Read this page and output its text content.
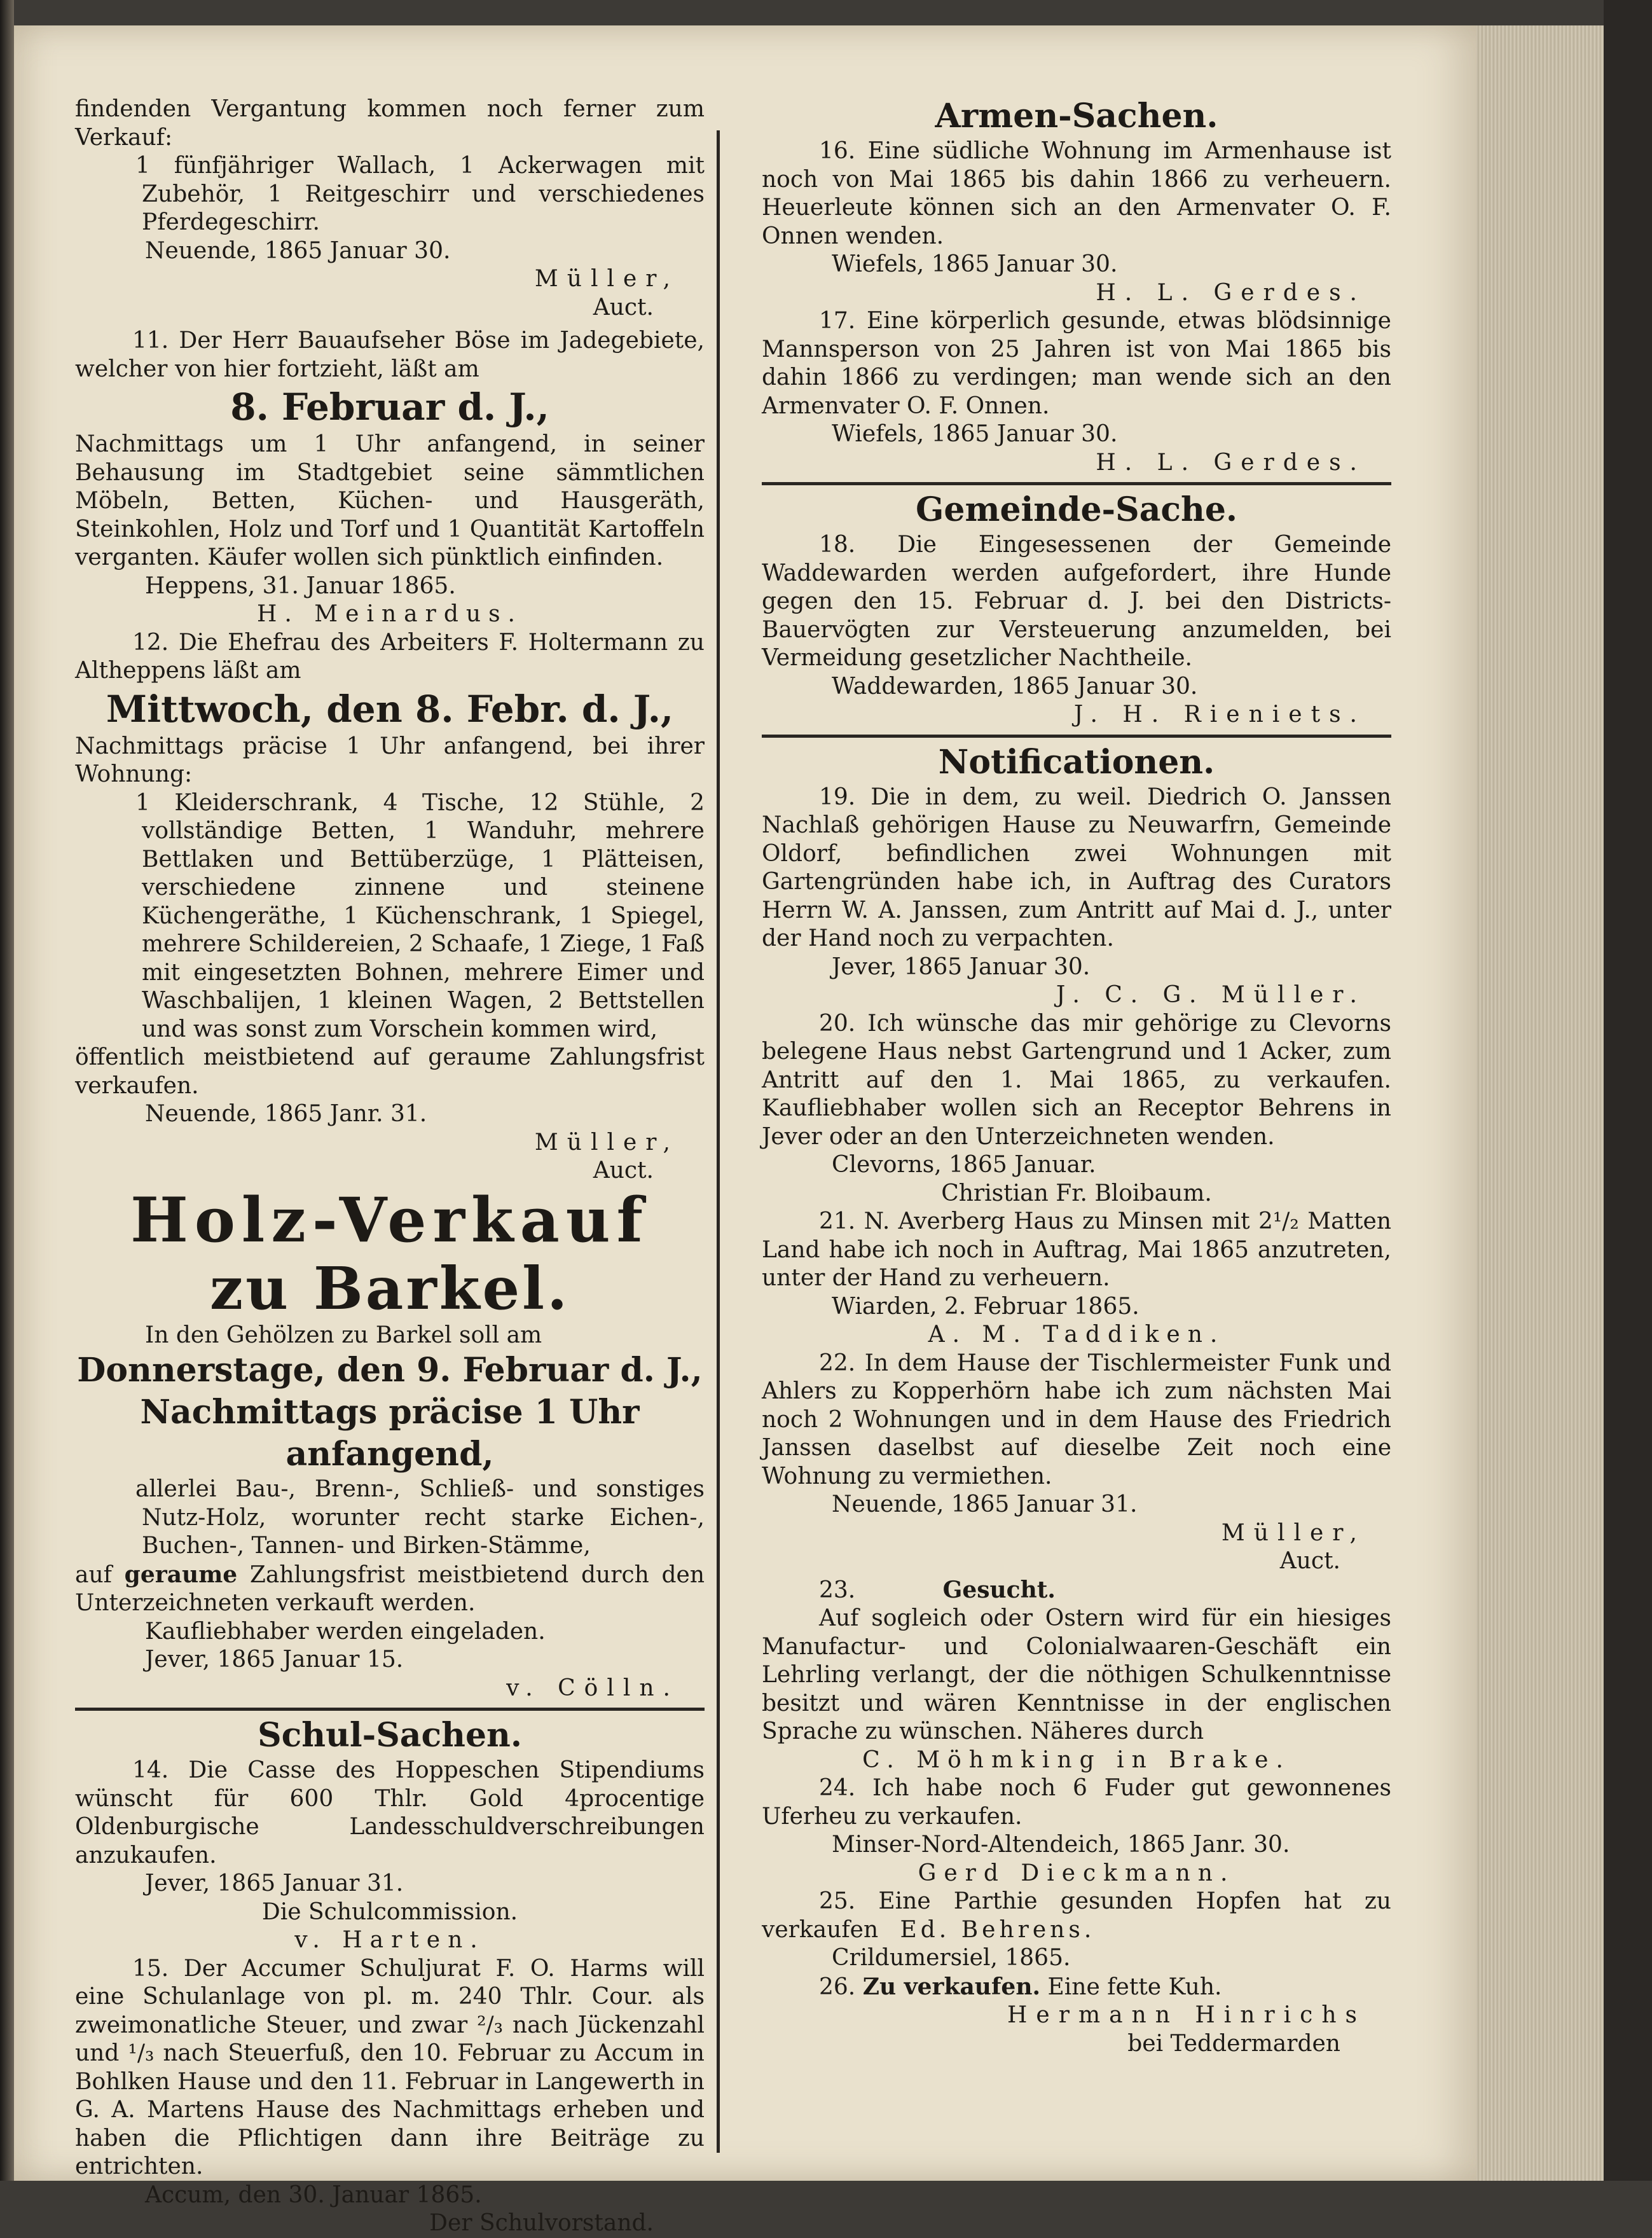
findenden Vergantung kommen noch ferner zum Verkauf:

1 fünfjähriger Wallach, 1 Ackerwagen mit Zubehör, 1 Reitgeschirr und verschiedenes Pferdegeschirr.

Neuende, 1865 Januar 30.

Müller,

Auct.

11. Der Herr Bauaufseher Böse im Jadegebiete, welcher von hier fortzieht, läßt am

8. Februar d. J.,

Nachmittags um 1 Uhr anfangend, in seiner Behausung im Stadtgebiet seine sämmtlichen Möbeln, Betten, Küchen- und Hausgeräth, Steinkohlen, Holz und Torf und 1 Quantität Kartoffeln verganten. Käufer wollen sich pünktlich einfinden.

Heppens, 31. Januar 1865.

H. Meinardus.

12. Die Ehefrau des Arbeiters F. Holtermann zu Altheppens läßt am

Mittwoch, den 8. Febr. d. J.,

Nachmittags präcise 1 Uhr anfangend, bei ihrer Wohnung:

1 Kleiderschrank, 4 Tische, 12 Stühle, 2 vollständige Betten, 1 Wanduhr, mehrere Bettlaken und Bettüberzüge, 1 Plätteisen, verschiedene zinnene und steinene Küchengeräthe, 1 Küchenschrank, 1 Spiegel, mehrere Schildereien, 2 Schaafe, 1 Ziege, 1 Faß mit eingesetzten Bohnen, mehrere Eimer und Waschbalijen, 1 kleinen Wagen, 2 Bettstellen und was sonst zum Vorschein kommen wird,

öffentlich meistbietend auf geraume Zahlungsfrist verkaufen.

Neuende, 1865 Janr. 31.

Müller,

Auct.

Holz-Verkauf

zu Barkel.

In den Gehölzen zu Barkel soll am

Donnerstage, den 9. Februar d. J.,

Nachmittags präcise 1 Uhr anfangend,

allerlei Bau-, Brenn-, Schließ- und sonstiges Nutz-Holz, worunter recht starke Eichen-, Buchen-, Tannen- und Birken-Stämme,

auf geraume Zahlungsfrist meistbietend durch den Unterzeichneten verkauft werden.

Kaufliebhaber werden eingeladen.

Jever, 1865 Januar 15.

v. Cölln.

Schul-Sachen.

14. Die Casse des Hoppeschen Stipendiums wünscht für 600 Thlr. Gold 4procentige Oldenburgische Landesschuldverschreibungen anzukaufen.

Jever, 1865 Januar 31.

Die Schulcommission.

v. Harten.

15. Der Accumer Schuljurat F. O. Harms will eine Schulanlage von pl. m. 240 Thlr. Cour. als zweimonatliche Steuer, und zwar ²/₃ nach Jückenzahl und ¹/₃ nach Steuerfuß, den 10. Februar zu Accum in Bohlken Hause und den 11. Februar in Langewerth in G. A. Martens Hause des Nachmittags erheben und haben die Pflichtigen dann ihre Beiträge zu entrichten.

Accum, den 30. Januar 1865.

Der Schulvorstand.

Armen-Sachen.

16. Eine südliche Wohnung im Armenhause ist noch von Mai 1865 bis dahin 1866 zu verheuern. Heuerleute können sich an den Armenvater O. F. Onnen wenden.

Wiefels, 1865 Januar 30.

H. L. Gerdes.

17. Eine körperlich gesunde, etwas blödsinnige Mannsperson von 25 Jahren ist von Mai 1865 bis dahin 1866 zu verdingen; man wende sich an den Armenvater O. F. Onnen.

Wiefels, 1865 Januar 30.

H. L. Gerdes.

Gemeinde-Sache.

18. Die Eingesessenen der Gemeinde Waddewarden werden aufgefordert, ihre Hunde gegen den 15. Februar d. J. bei den Districts-Bauervögten zur Versteuerung anzumelden, bei Vermeidung gesetzlicher Nachtheile.

Waddewarden, 1865 Januar 30.

J. H. Rieniets.

Notificationen.

19. Die in dem, zu weil. Diedrich O. Janssen Nachlaß gehörigen Hause zu Neuwarfrn, Gemeinde Oldorf, befindlichen zwei Wohnungen mit Gartengründen habe ich, in Auftrag des Curators Herrn W. A. Janssen, zum Antritt auf Mai d. J., unter der Hand noch zu verpachten.

Jever, 1865 Januar 30.

J. C. G. Müller.

20. Ich wünsche das mir gehörige zu Clevorns belegene Haus nebst Gartengrund und 1 Acker, zum Antritt auf den 1. Mai 1865, zu verkaufen. Kaufliebhaber wollen sich an Receptor Behrens in Jever oder an den Unterzeichneten wenden.

Clevorns, 1865 Januar.

Christian Fr. Bloibaum.

21. N. Averberg Haus zu Minsen mit 2¹/₂ Matten Land habe ich noch in Auftrag, Mai 1865 anzutreten, unter der Hand zu verheuern.

Wiarden, 2. Februar 1865.

A. M. Taddiken.

22. In dem Hause der Tischlermeister Funk und Ahlers zu Kopperhörn habe ich zum nächsten Mai noch 2 Wohnungen und in dem Hause des Friedrich Janssen daselbst auf dieselbe Zeit noch eine Wohnung zu vermiethen.

Neuende, 1865 Januar 31.

Müller,

Auct.

23.	Gesucht.

Auf sogleich oder Ostern wird für ein hiesiges Manufactur- und Colonialwaaren-Geschäft ein Lehrling verlangt, der die nöthigen Schulkenntnisse besitzt und wären Kenntnisse in der englischen Sprache zu wünschen. Näheres durch

C. Möhmking in Brake.

24. Ich habe noch 6 Fuder gut gewonnenes Uferheu zu verkaufen.

Minser-Nord-Altendeich, 1865 Janr. 30.

Gerd Dieckmann.

25. Eine Parthie gesunden Hopfen hat zu verkaufen Ed. Behrens.

Crildumersiel, 1865.

26. Zu verkaufen. Eine fette Kuh.

Hermann Hinrichs

bei Teddermarden
